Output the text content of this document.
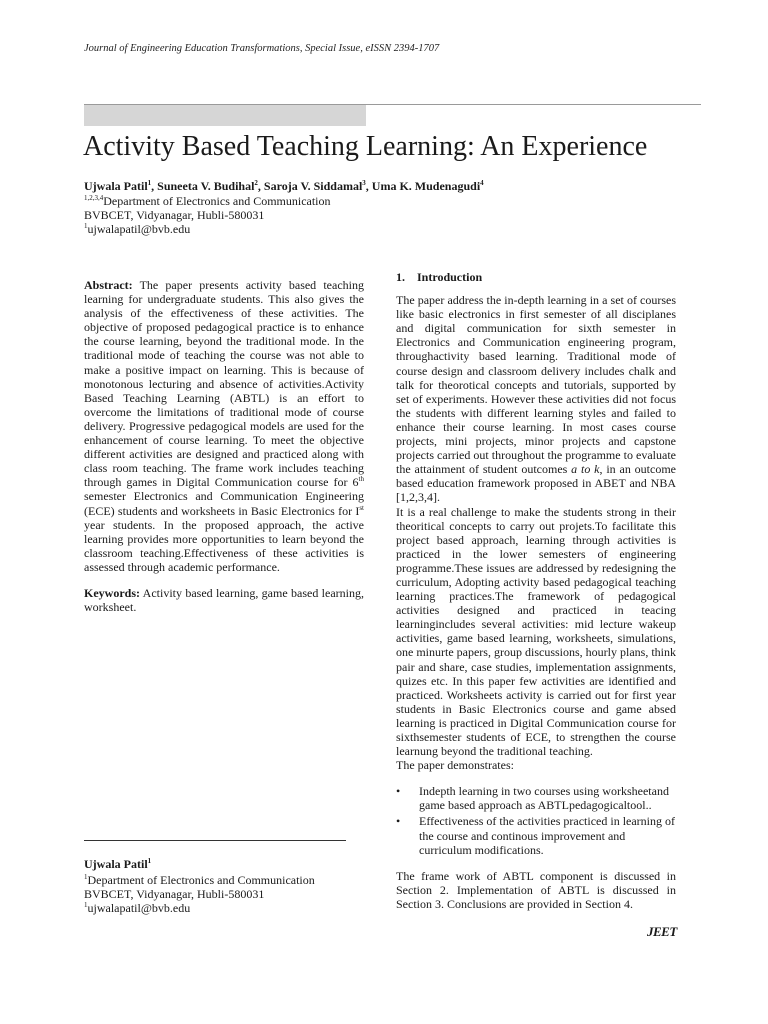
Journal of Engineering Education Transformations, Special Issue, eISSN 2394-1707
Activity Based Teaching Learning: An Experience
Ujwala Patil$^1$, Suneeta V. Budihal$^2$, Saroja V. Siddamal$^3$, Uma K. Mudenagudi$^4$
$^{1,2,3,4}$Department of Electronics and Communication
BVBCET, Vidyanagar, Hubli-580031
$^1$ujwalapatil@bvb.edu

Abstract: The paper presents activity based teaching learning for undergraduate students. This also gives the analysis of the effectiveness of these activities. The objective of proposed pedagogical practice is to enhance the course learning, beyond the traditional mode. In the traditional mode of teaching the course was not able to make a positive impact on learning. This is because of monotonous lecturing and absence of activities.Activity Based Teaching Learning (ABTL) is an effort to overcome the limitations of traditional mode of course delivery. Progressive pedagogical models are used for the enhancement of course learning. To meet the objective different activities are designed and practiced along with class room teaching. The frame work includes teaching through games in Digital Communication course for 6th semester Electronics and Communication Engineering (ECE) students and worksheets in Basic Electronics for Ist year students. In the proposed approach, the active learning provides more opportunities to learn beyond the classroom teaching.Effectiveness of these activities is assessed through academic performance.

Keywords: Activity based learning, game based learning, worksheet.

1. Introduction

The paper address the in-depth learning in a set of courses like basic electronics in first semester of all disciplanes and digital communication for sixth semester in Electronics and Communication engineering program, throughactivity based learning. Traditional mode of course design and classroom delivery includes chalk and talk for theorotical concepts and tutorials, supported by set of experiments. However these activities did not focus the students with different learning styles and failed to enhance their course learning. In most cases course projects, mini projects, minor projects and capstone projects carried out throughout the programme to evaluate the attainment of student outcomes a to k, in an outcome based education framework proposed in ABET and NBA [1,2,3,4].

It is a real challenge to make the students strong in their theoritical concepts to carry out projets.To facilitate this project based approach, learning through activities is practiced in the lower semesters of engineering programme.These issues are addressed by redesigning the curriculum, Adopting activity based pedagogical teaching learning practices.The framework of pedagogical activities designed and practiced in teacing learningincludes several activities: mid lecture wakeup activities, game based learning, worksheets, simulations, one minurte papers, group discussions, hourly plans, think pair and share, case studies, implementation assignments, quizes etc. In this paper few activities are identified and practiced. Worksheets activity is carried out for first year students in Basic Electronics course and game absed learning is practiced in Digital Communication course for sixthsemester students of ECE, to strengthen the course learnung beyond the traditional teaching.

The paper demonstrates:

• Indepth learning in two courses using worksheetand game based approach as ABTLpedagogicaltool..
• Effectiveness of the activities practiced in learning of the course and continous improvement and curriculum modifications.

The frame work of ABTL component is discussed in Section 2. Implementation of ABTL is discussed in Section 3. Conclusions are provided in Section 4.

Ujwala Patil$^1$
$^1$Department of Electronics and Communication
BVBCET, Vidyanagar, Hubli-580031
$^1$ujwalapatil@bvb.edu
JEET
